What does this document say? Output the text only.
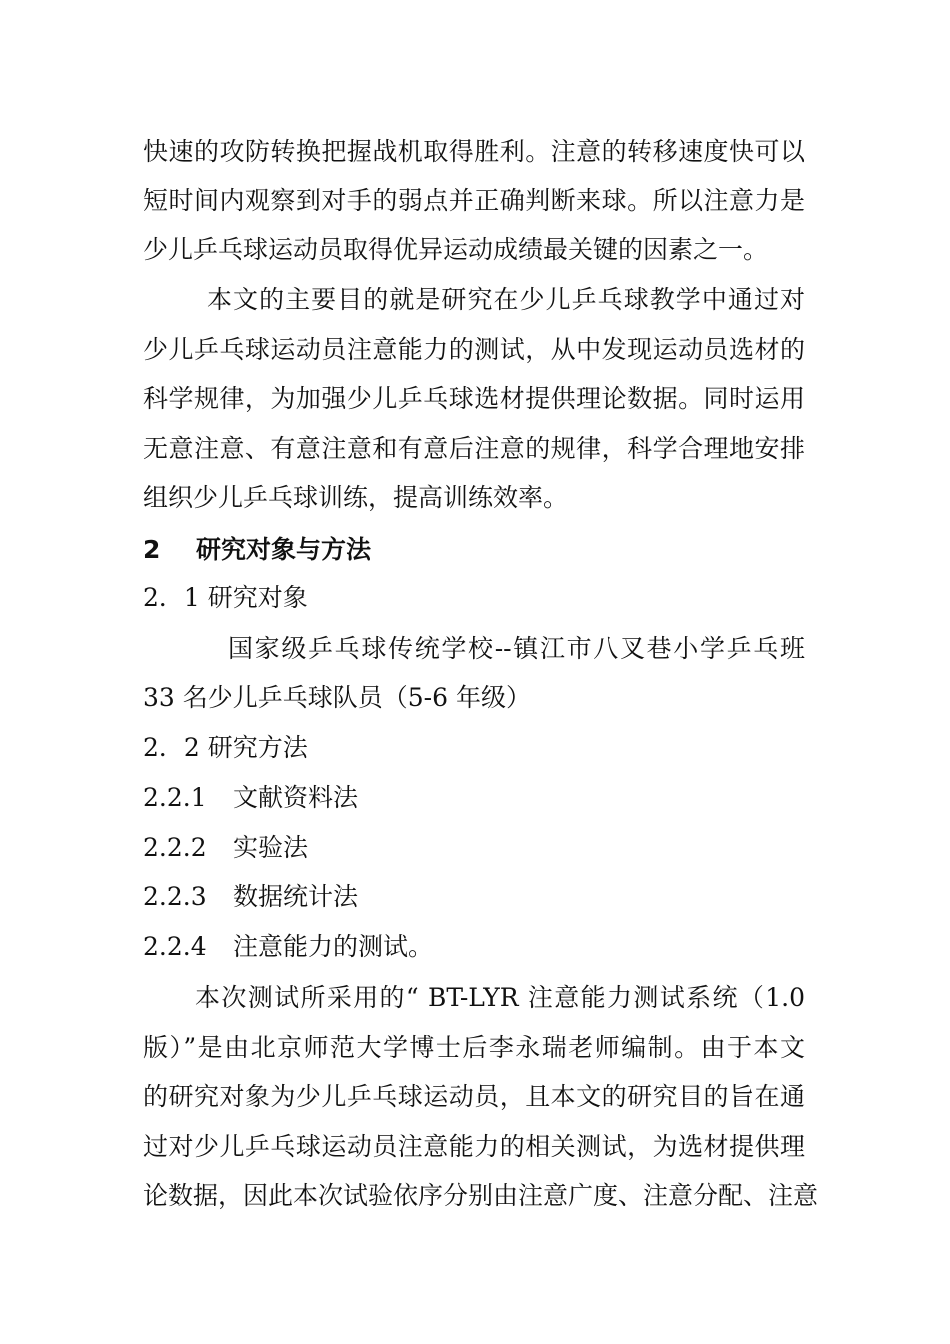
快速的攻防转换把握战机取得胜利。注意的转移速度快可以
短时间内观察到对手的弱点并正确判断来球。所以注意力是
少儿乒乓球运动员取得优异运动成绩最关键的因素之一。
本文的主要目的就是研究在少儿乒乓球教学中通过对
少儿乒乓球运动员注意能力的测试，从中发现运动员选材的
科学规律，为加强少儿乒乓球选材提供理论数据。同时运用
无意注意、有意注意和有意后注意的规律，科学合理地安排
组织少儿乒乓球训练，提高训练效率。
2 研究对象与方法
2．1 研究对象
国家级乒乓球传统学校--镇江市八叉巷小学乒乓班
33 名少儿乒乓球队员（5-6 年级）
2．2 研究方法
2.2.1 文献资料法
2.2.2 实验法
2.2.3 数据统计法
2.2.4 注意能力的测试。
本次测试所采用的“ BT-LYR 注意能力测试系统（1.0
版）”是由北京师范大学博士后李永瑞老师编制。由于本文
的研究对象为少儿乒乓球运动员，且本文的研究目的旨在通
过对少儿乒乓球运动员注意能力的相关测试，为选材提供理
论数据，因此本次试验依序分别由注意广度、注意分配、注意
